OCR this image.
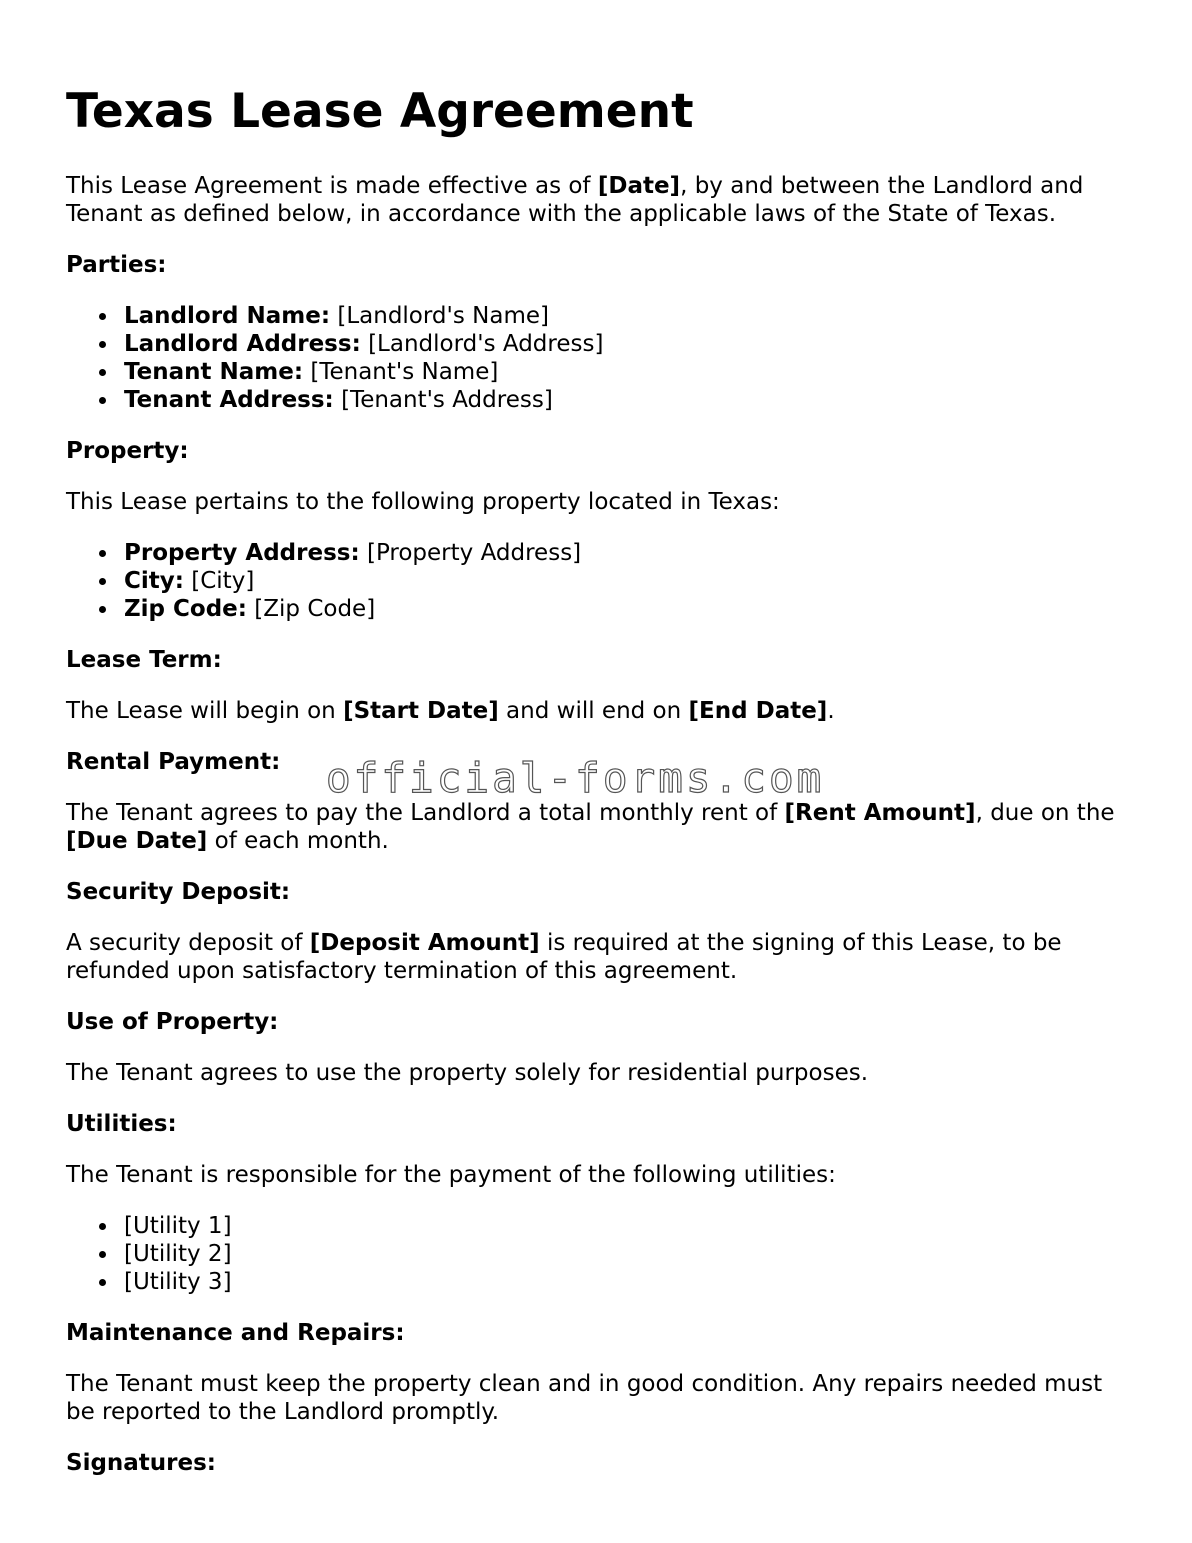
Texas Lease Agreement

This Lease Agreement is made effective as of [Date], by and between the Landlord and Tenant as defined below, in accordance with the applicable laws of the State of Texas.

Parties:
Landlord Name: [Landlord's Name]
Landlord Address: [Landlord's Address]
Tenant Name: [Tenant's Name]
Tenant Address: [Tenant's Address]
Property:

This Lease pertains to the following property located in Texas:

Property Address: [Property Address]
City: [City]
Zip Code: [Zip Code]
Lease Term:

The Lease will begin on [Start Date] and will end on [End Date].

Rental Payment:

The Tenant agrees to pay the Landlord a total monthly rent of [Rent Amount], due on the [Due Date] of each month.

Security Deposit:

A security deposit of [Deposit Amount] is required at the signing of this Lease, to be refunded upon satisfactory termination of this agreement.

Use of Property:

The Tenant agrees to use the property solely for residential purposes.

Utilities:

The Tenant is responsible for the payment of the following utilities:

[Utility 1]
[Utility 2]
[Utility 3]
Maintenance and Repairs:

The Tenant must keep the property clean and in good condition. Any repairs needed must be reported to the Landlord promptly.

Signatures:
official-forms.com
